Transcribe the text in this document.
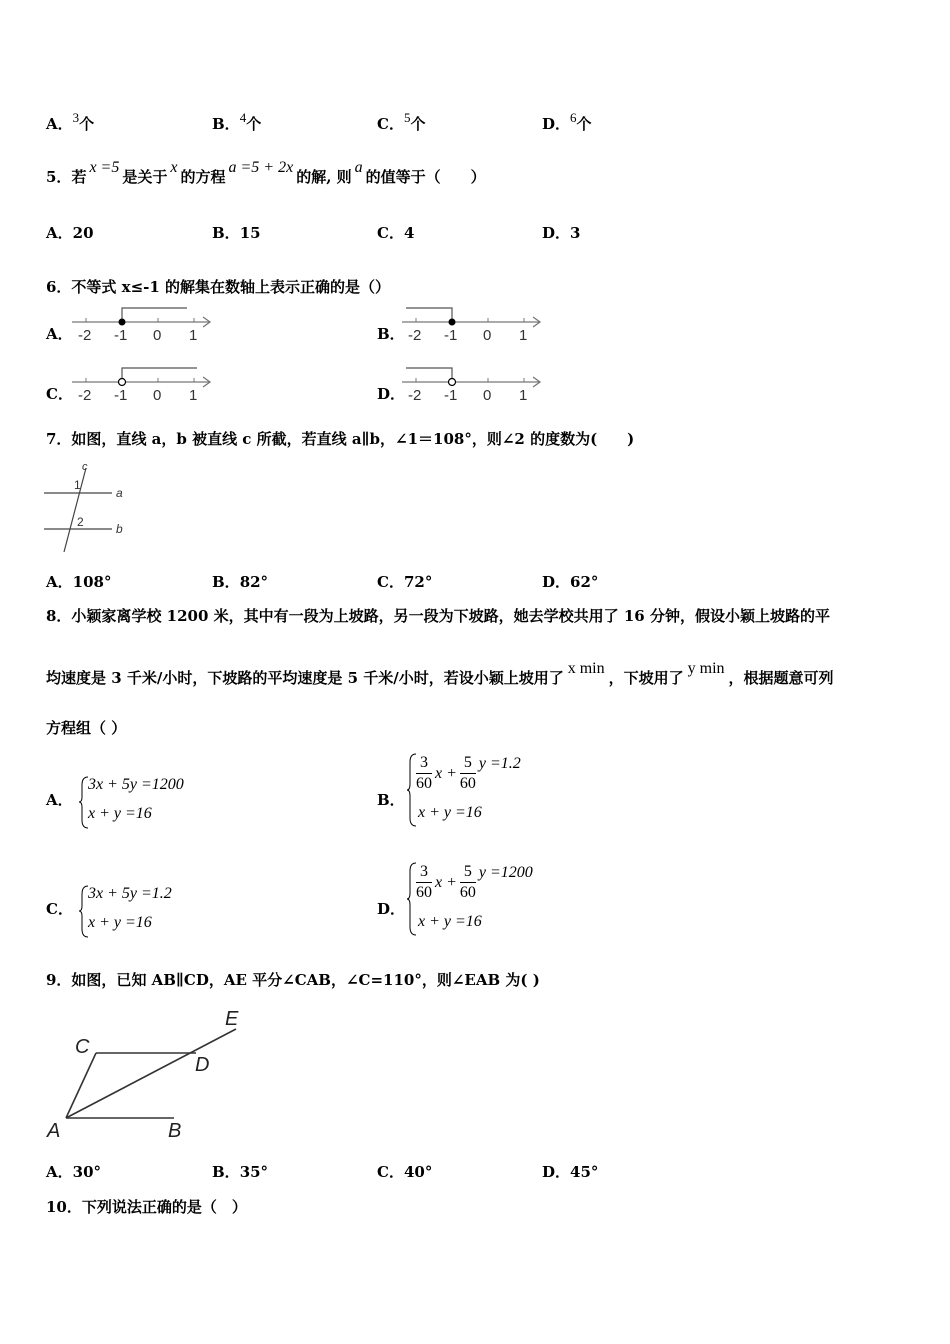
A．$^3$个	B．$^4$个	C．$^5$个	D．$^6$个
5．若x =5是关于x的方程a =5 + 2x的解, 则a的值等于（　　）
A．20	B．15	C．4	D．3
6．不等式 x≤-1 的解集在数轴上表示正确的是（）
A． -2 -1 0 1	B． -2 -1 0 1
C． -2 -1 0 1	D． -2 -1 0 1
7．如图，直线 a，b 被直线 c 所截，若直线 a∥b，∠1＝108°，则∠2 的度数为(　　)
c
a
b
1
2
A．108°	B．82°	C．72°	D．62°
8．小颖家离学校 1200 米，其中有一段为上坡路，另一段为下坡路，她去学校共用了 16 分钟，假设小颖上坡路的平
均速度是 3 千米/小时，下坡路的平均速度是 5 千米/小时，若设小颖上坡用了x min，下坡用了y min，根据题意可列
方程组（ ）
A．
3x + 5y =1200
x + y =16
B．
$\frac{3}{60}$ $x + \frac{5}{60}$ y =1.2
x + y =16
C．
3x + 5y =1.2
x + y =16
D．
$\frac{3}{60}$ $x + \frac{5}{60}$ y =1200
x + y =16
9．如图，已知 AB∥CD，AE 平分∠CAB，∠C=110°，则∠EAB 为( )
A	B
C
D
E
A．30°	B．35°	C．40°	D．45°
10．下列说法正确的是（　）
